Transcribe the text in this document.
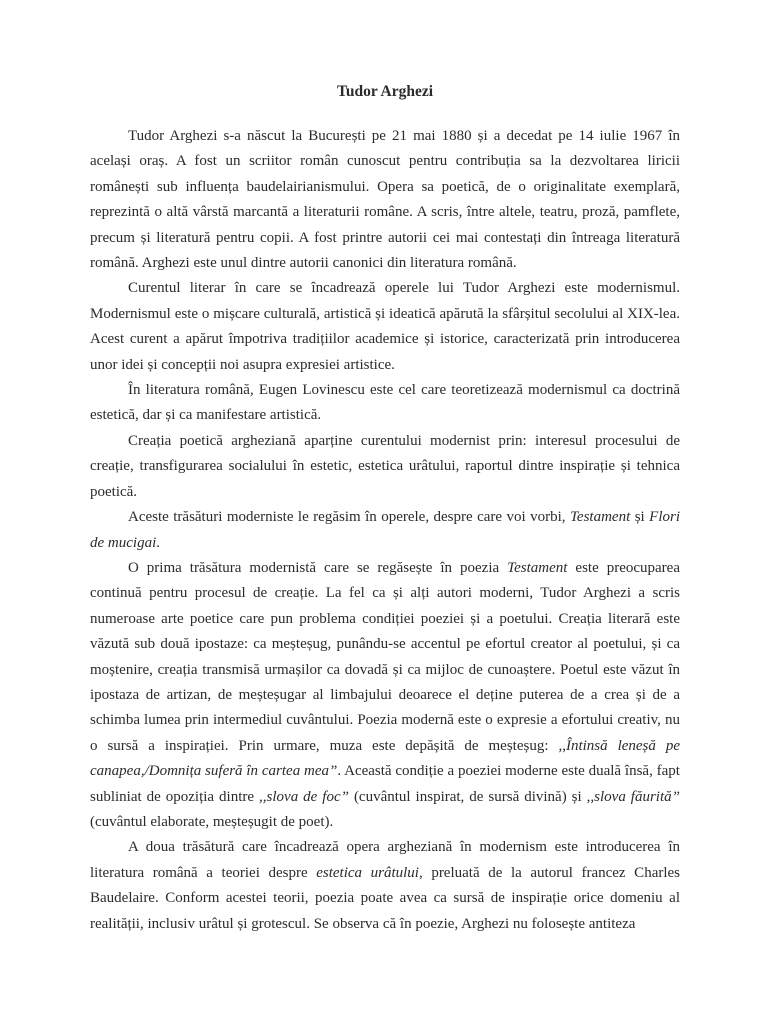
Tudor Arghezi

Tudor Arghezi s-a născut la București pe 21 mai 1880 și a decedat pe 14 iulie 1967 în același oraș. A fost un scriitor român cunoscut pentru contribuția sa la dezvoltarea liricii românești sub influența baudelairianismului. Opera sa poetică, de o originalitate exemplară, reprezintă o altă vârstă marcantă a literaturii române. A scris, între altele, teatru, proză, pamflete, precum și literatură pentru copii. A fost printre autorii cei mai contestați din întreaga literatură română. Arghezi este unul dintre autorii canonici din literatura română.

Curentul literar în care se încadrează operele lui Tudor Arghezi este modernismul. Modernismul este o mișcare culturală, artistică și ideatică apărută la sfârșitul secolului al XIX-lea. Acest curent a apărut împotriva tradițiilor academice și istorice, caracterizată prin introducerea unor idei și concepții noi asupra expresiei artistice.

În literatura română, Eugen Lovinescu este cel care teoretizează modernismul ca doctrină estetică, dar și ca manifestare artistică.

Creația poetică argheziană aparține curentului modernist prin: interesul procesului de creație, transfigurarea socialului în estetic, estetica urâtului, raportul dintre inspirație și tehnica poetică.

Aceste trăsături moderniste le regăsim în operele, despre care voi vorbi, Testament și Flori de mucigai.

O prima trăsătura modernistă care se regăsește în poezia Testament este preocuparea continuă pentru procesul de creație. La fel ca și alți autori moderni, Tudor Arghezi a scris numeroase arte poetice care pun problema condiției poeziei și a poetului. Creația literară este văzută sub două ipostaze: ca meșteșug, punându-se accentul pe efortul creator al poetului, și ca moștenire, creația transmisă urmașilor ca dovadă și ca mijloc de cunoaștere. Poetul este văzut în ipostaza de artizan, de meșteșugar al limbajului deoarece el deține puterea de a crea și de a schimba lumea prin intermediul cuvântului. Poezia modernă este o expresie a efortului creativ, nu o sursă a inspirației. Prin urmare, muza este depășită de meșteșug: ,,Întinsă leneșă pe canapea,/Domnița suferă în cartea mea”. Această condiție a poeziei moderne este duală însă, fapt subliniat de opoziția dintre ,,slova de foc” (cuvântul inspirat, de sursă divină) și ,,slova făurită” (cuvântul elaborate, meșteșugit de poet).

A doua trăsătură care încadrează opera argheziană în modernism este introducerea în literatura română a teoriei despre estetica urâtului, preluată de la autorul francez Charles Baudelaire. Conform acestei teorii, poezia poate avea ca sursă de inspirație orice domeniu al realității, inclusiv urâtul și grotescul. Se observa că în poezie, Arghezi nu folosește antiteza
